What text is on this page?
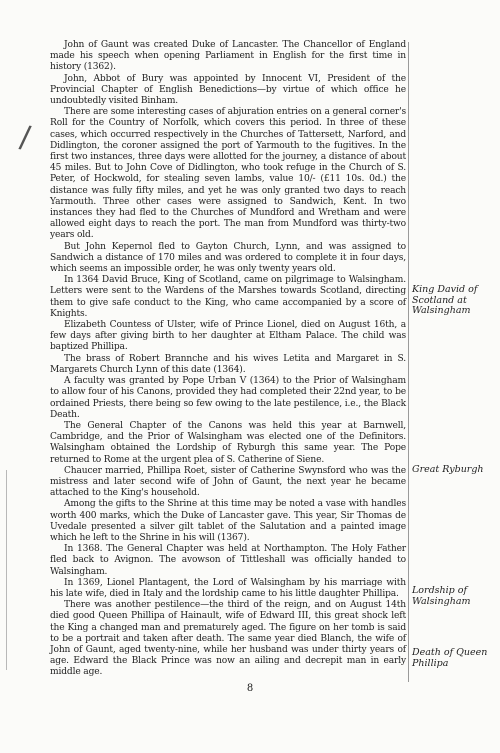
/

John of Gaunt was created Duke of Lancaster. The Chancellor of England made his speech when opening Parliament in English for the first time in history (1362).

John, Abbot of Bury was appointed by Innocent VI, President of the Provincial Chapter of English Benedictions—by virtue of which office he undoubtedly visited Binham.

There are some interesting cases of abjuration entries on a general corner's Roll for the Country of Norfolk, which covers this period. In three of these cases, which occurred respectively in the Churches of Tattersett, Narford, and Didlington, the coroner assigned the port of Yarmouth to the fugitives. In the first two instances, three days were allotted for the journey, a distance of about 45 miles. But to John Cove of Didlington, who took refuge in the Church of S. Peter, of Hockwold, for stealing seven lambs, value 10/- (£11 10s. 0d.) the distance was fully fifty miles, and yet he was only granted two days to reach Yarmouth. Three other cases were assigned to Sandwich, Kent. In two instances they had fled to the Churches of Mundford and Wretham and were allowed eight days to reach the port. The man from Mundford was thirty-two years old.

But John Kepernol fled to Gayton Church, Lynn, and was assigned to Sandwich a distance of 170 miles and was ordered to complete it in four days, which seems an impossible order, he was only twenty years old.

In 1364 David Bruce, King of Scotland, came on pilgrimage to Walsingham. Letters were sent to the Wardens of the Marshes towards Scotland, directing them to give safe conduct to the King, who came accompanied by a score of Knights.

Elizabeth Countess of Ulster, wife of Prince Lionel, died on August 16th, a few days after giving birth to her daughter at Eltham Palace. The child was baptized Phillipa.

The brass of Robert Brannche and his wives Letita and Margaret in S. Margarets Church Lynn of this date (1364).

A faculty was granted by Pope Urban V (1364) to the Prior of Walsingham to allow four of his Canons, provided they had completed their 22nd year, to be ordained Priests, there being so few owing to the late pestilence, i.e., the Black Death.

The General Chapter of the Canons was held this year at Barnwell, Cambridge, and the Prior of Walsingham was elected one of the Definitors. Walsingham obtained the Lordship of Ryburgh this same year. The Pope returned to Rome at the urgent plea of S. Catherine of Siene.

Chaucer married, Phillipa Roet, sister of Catherine Swynsford who was the mistress and later second wife of John of Gaunt, the next year he became attached to the King's household.

Among the gifts to the Shrine at this time may be noted a vase with handles worth 400 marks, which the Duke of Lancaster gave. This year, Sir Thomas de Uvedale presented a silver gilt tablet of the Salutation and a painted image which he left to the Shrine in his will (1367).

In 1368. The General Chapter was held at Northampton. The Holy Father fled back to Avignon. The avowson of Tittleshall was officially handed to Walsingham.

In 1369, Lionel Plantagent, the Lord of Walsingham by his marriage with his late wife, died in Italy and the lordship came to his little daughter Phillipa.

There was another pestilence—the third of the reign, and on August 14th died good Queen Phillipa of Hainault, wife of Edward III, this great shock left the King a changed man and prematurely aged. The figure on her tomb is said to be a portrait and taken after death. The same year died Blanch, the wife of John of Gaunt, aged twenty-nine, while her husband was under thirty years of age. Edward the Black Prince was now an ailing and decrepit man in early middle age.

King David of Scotland at Walsingham
Great Ryburgh
Lordship of Walsingham
Death of Queen Phillipa
8
